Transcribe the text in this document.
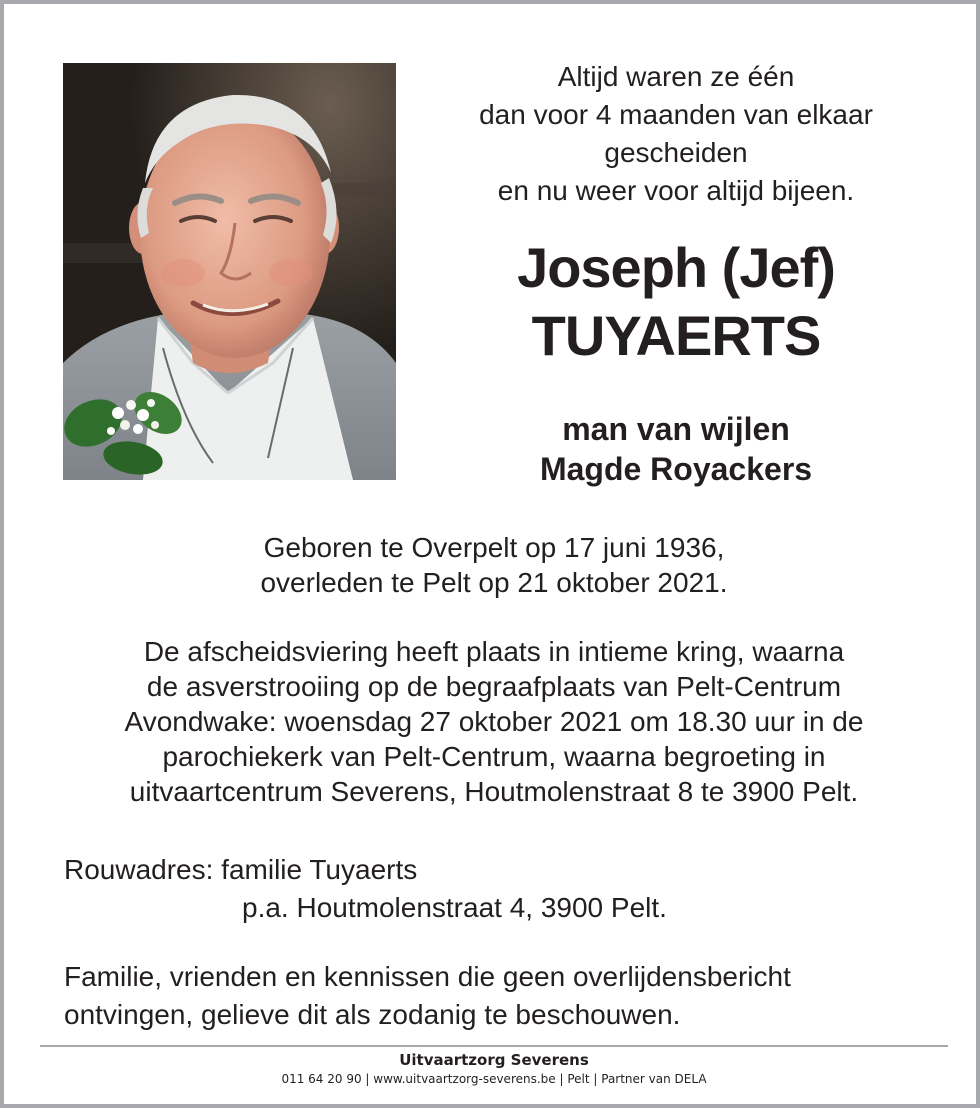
Altijd waren ze één
dan voor 4 maanden van elkaar
gescheiden
en nu weer voor altijd bijeen.
Joseph (Jef)
TUYAERTS
man van wijlen
Magde Royackers
Geboren te Overpelt op 17 juni 1936,
overleden te Pelt op 21 oktober 2021.
De afscheidsviering heeft plaats in intieme kring, waarna
de asverstrooiing op de begraafplaats van Pelt-Centrum
Avondwake: woensdag 27 oktober 2021 om 18.30 uur in de
parochiekerk van Pelt-Centrum, waarna begroeting in
uitvaartcentrum Severens, Houtmolenstraat 8 te 3900 Pelt.
Rouwadres: familie Tuyaerts
p.a. Houtmolenstraat 4, 3900 Pelt.
Familie, vrienden en kennissen die geen overlijdensbericht
ontvingen, gelieve dit als zodanig te beschouwen.
Uitvaartzorg Severens
011 64 20 90 | www.uitvaartzorg-severens.be | Pelt | Partner van DELA
